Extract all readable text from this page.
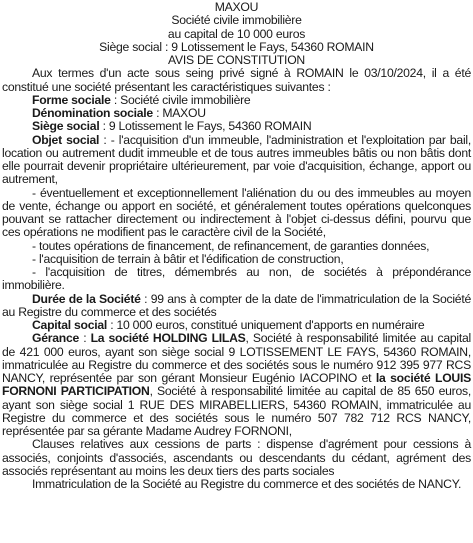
MAXOU
Société civile immobilière
au capital de 10 000 euros
Siège social : 9 Lotissement le Fays, 54360 ROMAIN
AVIS DE CONSTITUTION
Aux termes d'un acte sous seing privé signé à ROMAIN le 03/10/2024, il a été constitué une société présentant les caractéristiques suivantes :
Forme sociale : Société civile immobilière
Dénomination sociale : MAXOU
Siège social : 9 Lotissement le Fays, 54360 ROMAIN
Objet social : - l'acquisition d'un immeuble, l'administration et l'exploitation par bail, location ou autrement dudit immeuble et de tous autres immeubles bâtis ou non bâtis dont elle pourrait devenir propriétaire ultérieurement, par voie d'acquisition, échange, apport ou autrement,
- éventuellement et exceptionnellement l'aliénation du ou des immeubles au moyen de vente, échange ou apport en société, et généralement toutes opérations quelconques pouvant se rattacher directement ou indirectement à l'objet ci-dessus défini, pourvu que ces opérations ne modifient pas le caractère civil de la Société,
- toutes opérations de financement, de refinancement, de garanties données,
- l'acquisition de terrain à bâtir et l'édification de construction,
- l'acquisition de titres, démembrés au non, de sociétés à prépondérance immobilière.
Durée de la Société : 99 ans à compter de la date de l'immatriculation de la Société au Registre du commerce et des sociétés
Capital social : 10 000 euros, constitué uniquement d'apports en numéraire
Gérance : La société HOLDING LILAS, Société à responsabilité limitée au capital de 421 000 euros, ayant son siège social 9 LOTISSEMENT LE FAYS, 54360 ROMAIN, immatriculée au Registre du commerce et des sociétés sous le numéro 912 395 977 RCS NANCY, représentée par son gérant Monsieur Eugénio IACOPINO et la société LOUIS FORNONI PARTICIPATION, Société à responsabilité limitée au capital de 85 650 euros, ayant son siège social 1 RUE DES MIRABELLIERS, 54360 ROMAIN, immatriculée au Registre du commerce et des sociétés sous le numéro 507 782 712 RCS NANCY, représentée par sa gérante Madame Audrey FORNONI,
Clauses relatives aux cessions de parts : dispense d'agrément pour cessions à associés, conjoints d'associés, ascendants ou descendants du cédant, agrément des associés représentant au moins les deux tiers des parts sociales
Immatriculation de la Société au Registre du commerce et des sociétés de NANCY.
